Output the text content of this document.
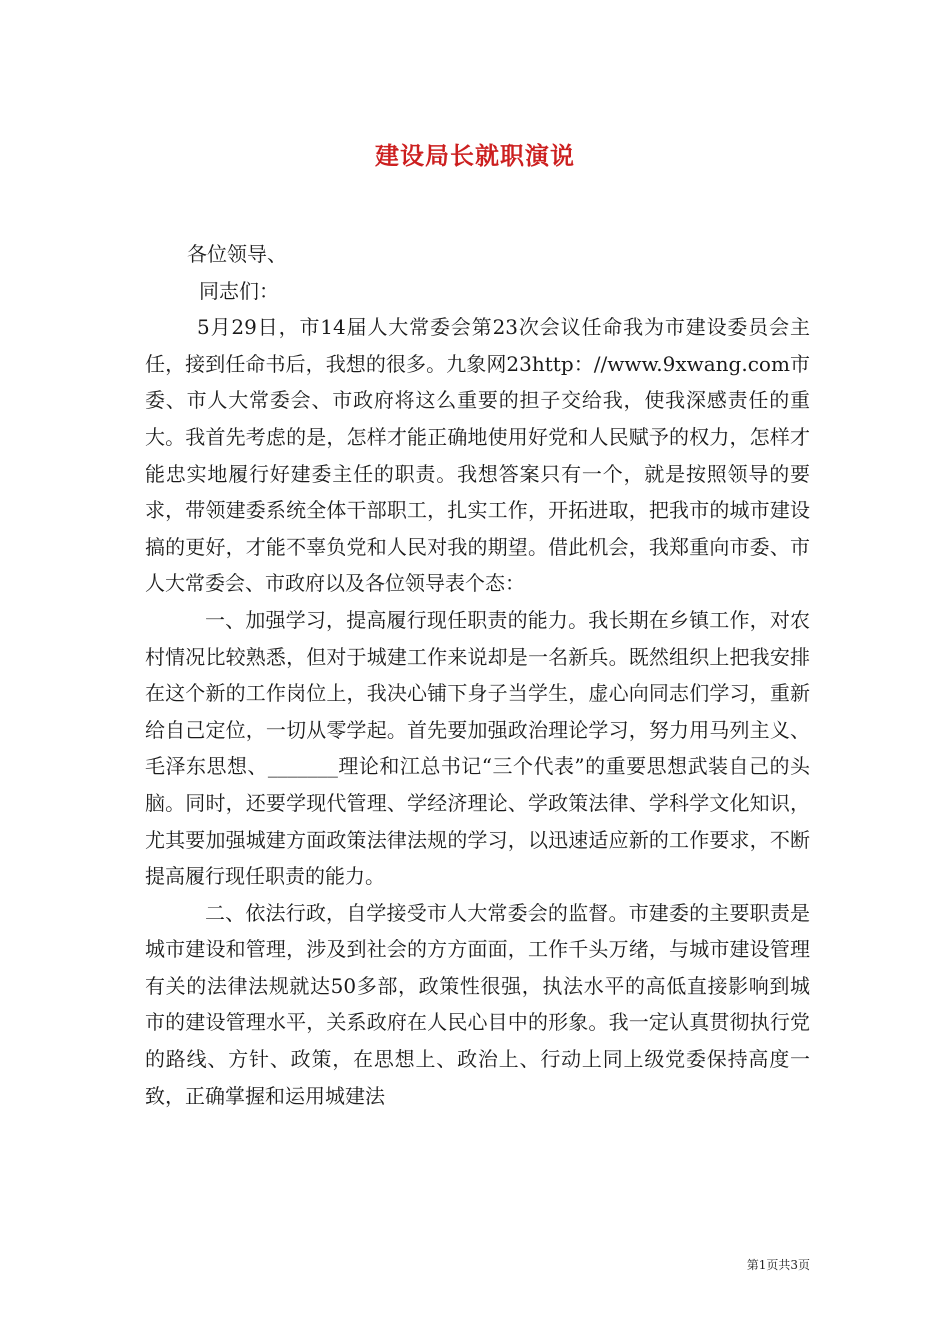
建设局长就职演说

各位领导、

同志们：

5月29日，市14届人大常委会第23次会议任命我为市建设委员会主任，接到任命书后，我想的很多。九象网23http：//www.9xwang.com市委、市人大常委会、市政府将这么重要的担子交给我，使我深感责任的重大。我首先考虑的是，怎样才能正确地使用好党和人民赋予的权力，怎样才能忠实地履行好建委主任的职责。我想答案只有一个，就是按照领导的要求，带领建委系统全体干部职工，扎实工作，开拓进取，把我市的城市建设搞的更好，才能不辜负党和人民对我的期望。借此机会，我郑重向市委、市人大常委会、市政府以及各位领导表个态：

一、加强学习，提高履行现任职责的能力。我长期在乡镇工作，对农村情况比较熟悉，但对于城建工作来说却是一名新兵。既然组织上把我安排在这个新的工作岗位上，我决心铺下身子当学生，虚心向同志们学习，重新给自己定位，一切从零学起。首先要加强政治理论学习，努力用马列主义、毛泽东思想、_______理论和江总书记“三个代表”的重要思想武装自己的头脑。同时，还要学现代管理、学经济理论、学政策法律、学科学文化知识，尤其要加强城建方面政策法律法规的学习，以迅速适应新的工作要求，不断提高履行现任职责的能力。

二、依法行政，自学接受市人大常委会的监督。市建委的主要职责是城市建设和管理，涉及到社会的方方面面，工作千头万绪，与城市建设管理有关的法律法规就达50多部，政策性很强，执法水平的高低直接影响到城市的建设管理水平，关系政府在人民心目中的形象。我一定认真贯彻执行党的路线、方针、政策，在思想上、政治上、行动上同上级党委保持高度一致，正确掌握和运用城建法

第1页共3页
